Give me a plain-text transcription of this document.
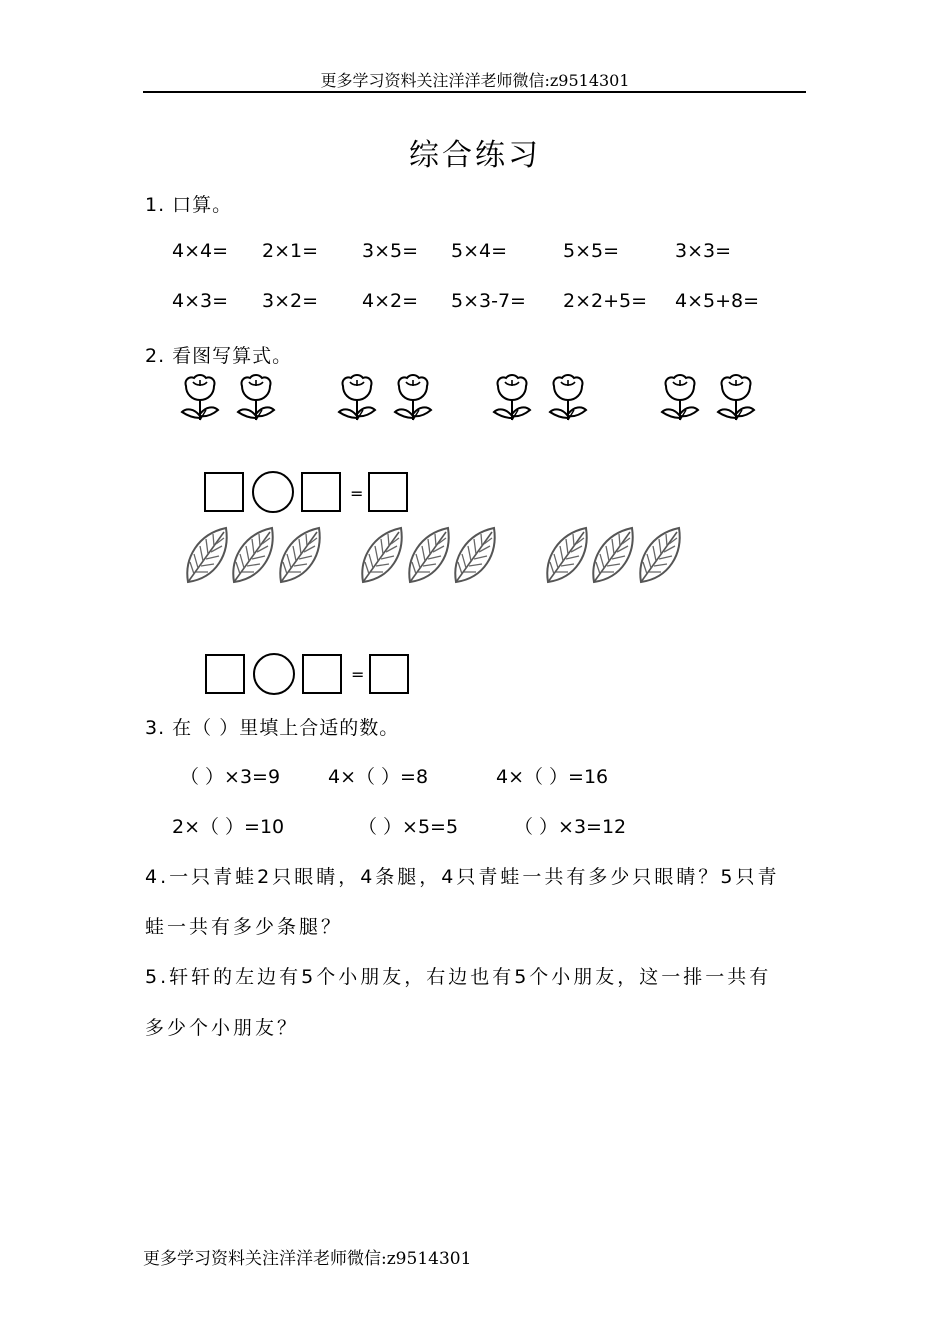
更多学习资料关注洋洋老师微信:z9514301
综合练习
1. 口算。
4×4= 2×1= 3×5= 5×4=	5×5=	3×3=
4×3= 3×2= 4×2= 5×3-7= 2×2+5= 4×5+8=
2. 看图写算式。
=
=
3. 在（ ）里填上合适的数。
（ ）×3=9	4×（ ）=8	4×（ ）=16
2×（ ）=10	（ ）×5=5	（ ）×3=12
4.一只青蛙2只眼睛，4条腿，4只青蛙一共有多少只眼睛？5只青
蛙一共有多少条腿？
5.轩轩的左边有5个小朋友，右边也有5个小朋友，这一排一共有
多少个小朋友？
更多学习资料关注洋洋老师微信:z9514301
